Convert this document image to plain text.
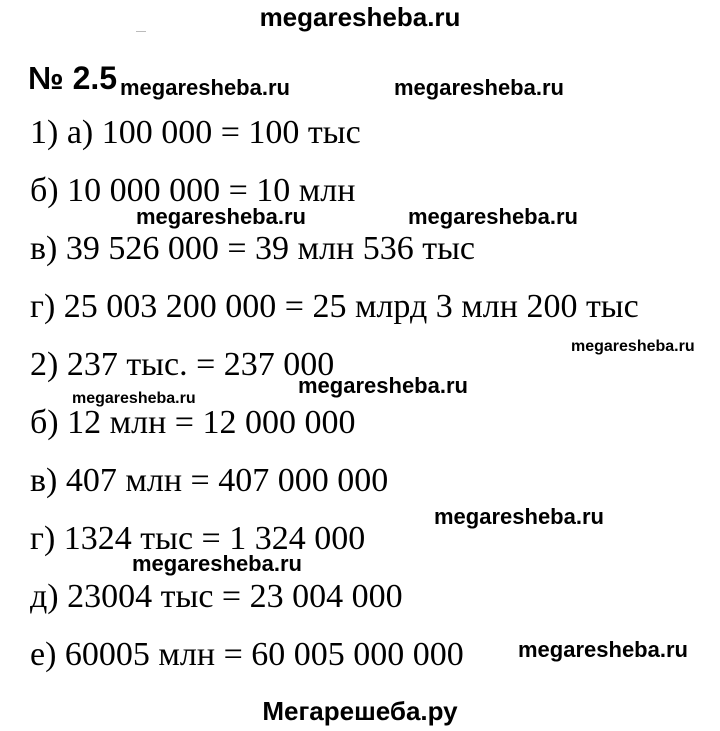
megaresheba.ru
№ 2.5
1) а) 100 000 = 100 тыс
б) 10 000 000 = 10 млн
в) 39 526 000 = 39 млн 536 тыс
г) 25 003 200 000 = 25 млрд 3 млн 200 тыс
2) 237 тыс. = 237 000
б) 12 млн = 12 000 000
в) 407 млн = 407 000 000
г) 1324 тыс = 1 324 000
д) 23004 тыс = 23 004 000
е) 60005 млн = 60 005 000 000
megaresheba.ru	megaresheba.ru
megaresheba.ru	megaresheba.ru
megaresheba.ru
megaresheba.ru
megaresheba.ru
megaresheba.ru
megaresheba.ru
megaresheba.ru
Мегарешеба.ру
